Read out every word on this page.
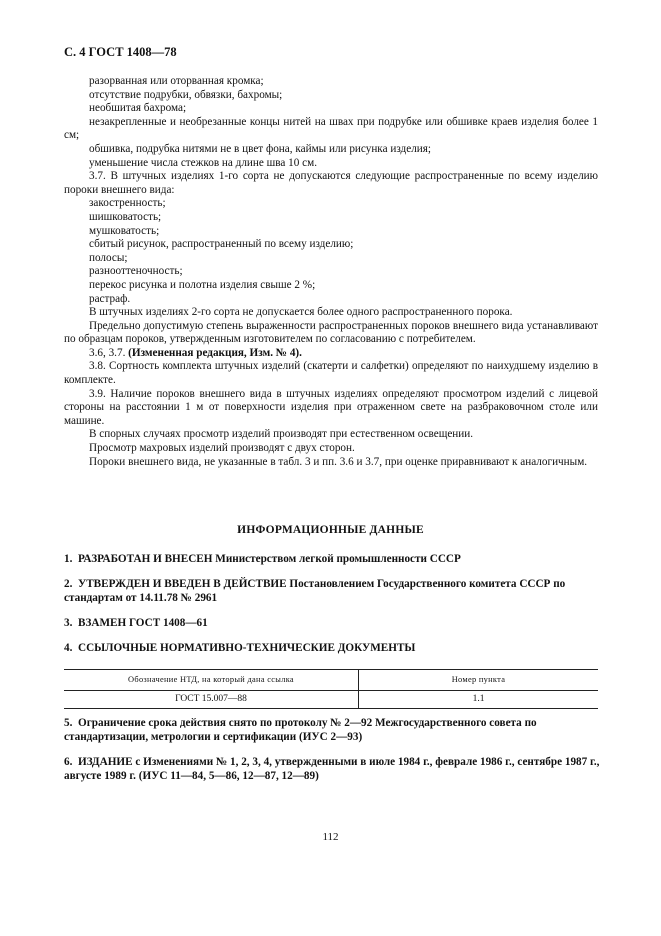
С. 4 ГОСТ 1408—78

разорванная или оторванная кромка;

отсутствие подрубки, обвязки, бахромы;

необшитая бахрома;

незакрепленные и необрезанные концы нитей на швах при подрубке или обшивке краев изделия более 1 см;

обшивка, подрубка нитями не в цвет фона, каймы или рисунка изделия;

уменьшение числа стежков на длине шва 10 см.

3.7. В штучных изделиях 1-го сорта не допускаются следующие распространенные по всему изделию пороки внешнего вида:

закостренность;

шишковатость;

мушковатость;

сбитый рисунок, распространенный по всему изделию;

полосы;

разнооттеночность;

перекос рисунка и полотна изделия свыше 2 %;

растраф.

В штучных изделиях 2-го сорта не допускается более одного распространенного порока.

Предельно допустимую степень выраженности распространенных пороков внешнего вида устанавливают по образцам пороков, утвержденным изготовителем по согласованию с потребителем.

3.6, 3.7. (Измененная редакция, Изм. № 4).

3.8. Сортность комплекта штучных изделий (скатерти и салфетки) определяют по наихудшему изделию в комплекте.

3.9. Наличие пороков внешнего вида в штучных изделиях определяют просмотром изделий с лицевой стороны на расстоянии 1 м от поверхности изделия при отраженном свете на разбраковочном столе или машине.

В спорных случаях просмотр изделий производят при естественном освещении.

Просмотр махровых изделий производят с двух сторон.

Пороки внешнего вида, не указанные в табл. 3 и пп. 3.6 и 3.7, при оценке приравнивают к аналогичным.

ИНФОРМАЦИОННЫЕ ДАННЫЕ
1. РАЗРАБОТАН И ВНЕСЕН Министерством легкой промышленности СССР
2. УТВЕРЖДЕН И ВВЕДЕН В ДЕЙСТВИЕ Постановлением Государственного комитета СССР по стандартам от 14.11.78 № 2961
3. ВЗАМЕН ГОСТ 1408—61
4. ССЫЛОЧНЫЕ НОРМАТИВНО-ТЕХНИЧЕСКИЕ ДОКУМЕНТЫ
Обозначение НТД, на который дана ссылка	Номер пункта
ГОСТ 15.007—88	1.1
5. Ограничение срока действия снято по протоколу № 2—92 Межгосударственного совета по стандартизации, метрологии и сертификации (ИУС 2—93)
6. ИЗДАНИЕ с Изменениями № 1, 2, 3, 4, утвержденными в июле 1984 г., феврале 1986 г., сентябре 1987 г., августе 1989 г. (ИУС 11—84, 5—86, 12—87, 12—89)
112
